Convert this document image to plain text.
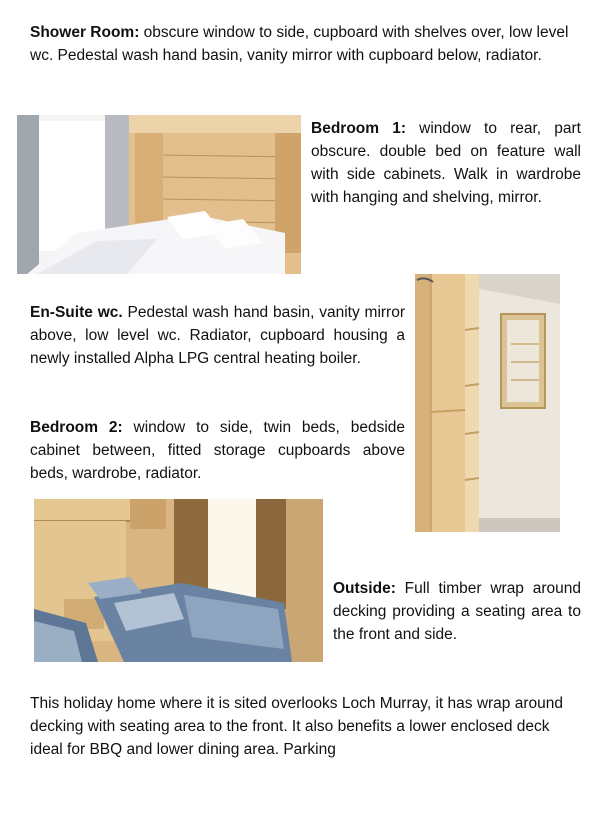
Shower Room: obscure window to side, cupboard with shelves over, low level wc. Pedestal wash hand basin, vanity mirror with cupboard below, radiator.

Bedroom 1: window to rear, part obscure. double bed on feature wall with side cabinets. Walk in wardrobe with hanging and shelving, mirror.

En-Suite wc. Pedestal wash hand basin, vanity mirror above, low level wc. Radiator, cupboard housing a newly installed Alpha LPG central heating boiler.

Bedroom 2: window to side, twin beds, bedside cabinet between, fitted storage cupboards above beds, wardrobe, radiator.

Outside: Full timber wrap around decking providing a seating area to the front and side.

This holiday home where it is sited overlooks Loch Murray, it has wrap around decking with seating area to the front. It also benefits a lower enclosed deck ideal for BBQ and lower dining area. Parking
